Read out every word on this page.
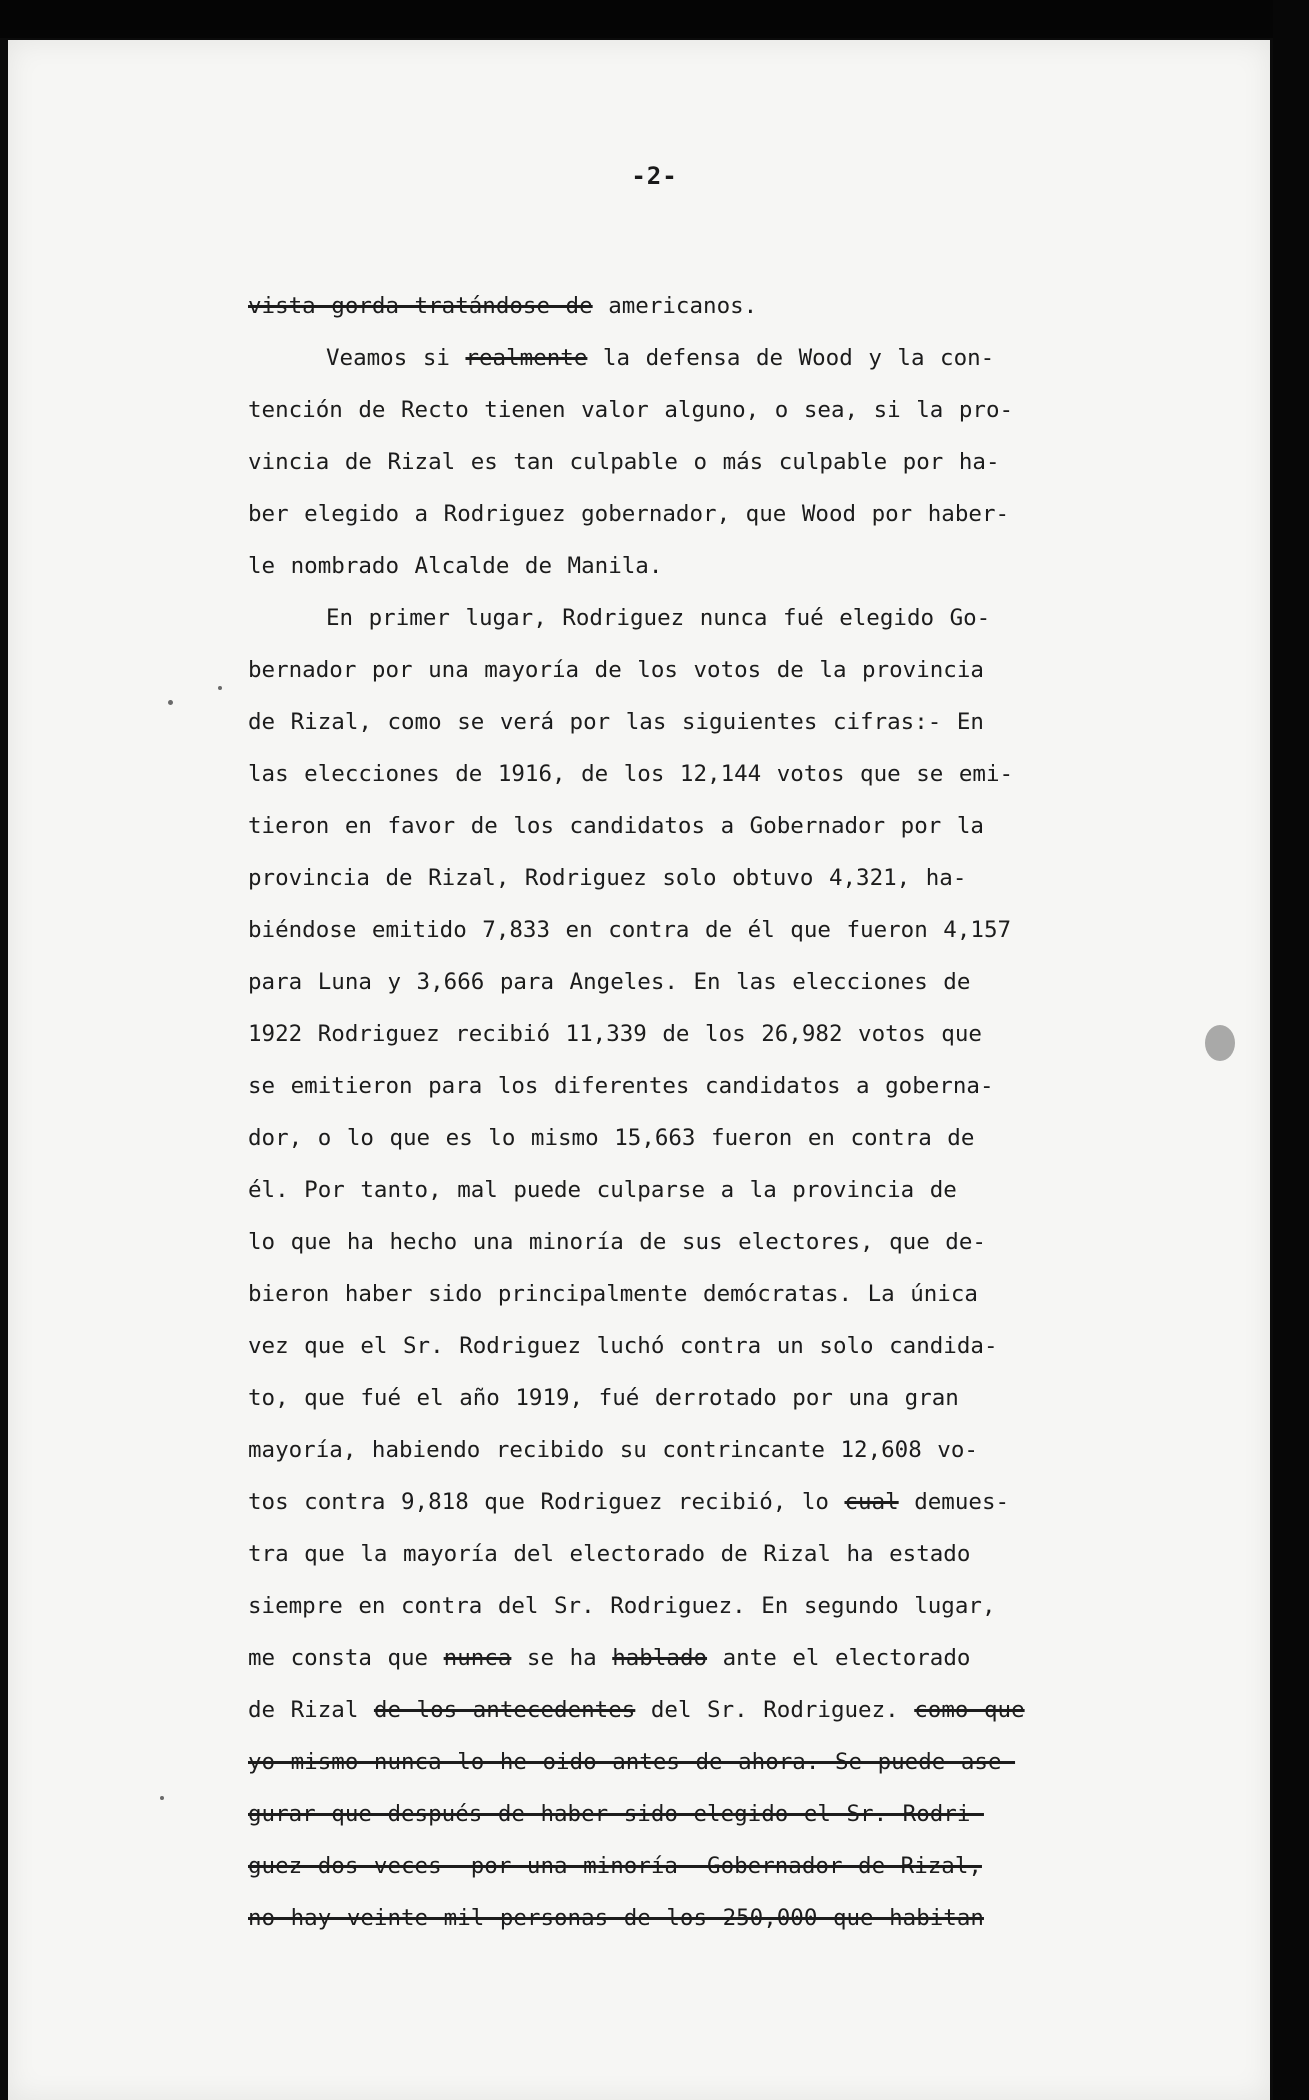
-2-
vista gorda tratándose de americanos.
Veamos si realmente la defensa de Wood y la con-
tención de Recto tienen valor alguno, o sea, si la pro-
vincia de Rizal es tan culpable o más culpable por ha-
ber elegido a Rodriguez gobernador, que Wood por haber-
le nombrado Alcalde de Manila.
En primer lugar, Rodriguez nunca fué elegido Go-
bernador por una mayoría de los votos de la provincia
de Rizal, como se verá por las siguientes cifras:- En
las elecciones de 1916, de los 12,144 votos que se emi-
tieron en favor de los candidatos a Gobernador por la
provincia de Rizal, Rodriguez solo obtuvo 4,321, ha-
biéndose emitido 7,833 en contra de él que fueron 4,157
para Luna y 3,666 para Angeles. En las elecciones de
1922 Rodriguez recibió 11,339 de los 26,982 votos que
se emitieron para los diferentes candidatos a goberna-
dor, o lo que es lo mismo 15,663 fueron en contra de
él. Por tanto, mal puede culparse a la provincia de
lo que ha hecho una minoría de sus electores, que de-
bieron haber sido principalmente demócratas. La única
vez que el Sr. Rodriguez luchó contra un solo candida-
to, que fué el año 1919, fué derrotado por una gran
mayoría, habiendo recibido su contrincante 12,608 vo-
tos contra 9,818 que Rodriguez recibió, lo cual demues-
tra que la mayoría del electorado de Rizal ha estado
siempre en contra del Sr. Rodriguez. En segundo lugar,
me consta que nunca se ha hablado ante el electorado
de Rizal de los antecedentes del Sr. Rodriguez. como que
yo mismo nunca lo he oido antes de ahora. Se puede ase-
gurar que después de haber sido elegido el Sr. Rodri-
guez dos veces -por una minoría- Gobernador de Rizal,
no hay veinte mil personas de los 250,000 que habitan
